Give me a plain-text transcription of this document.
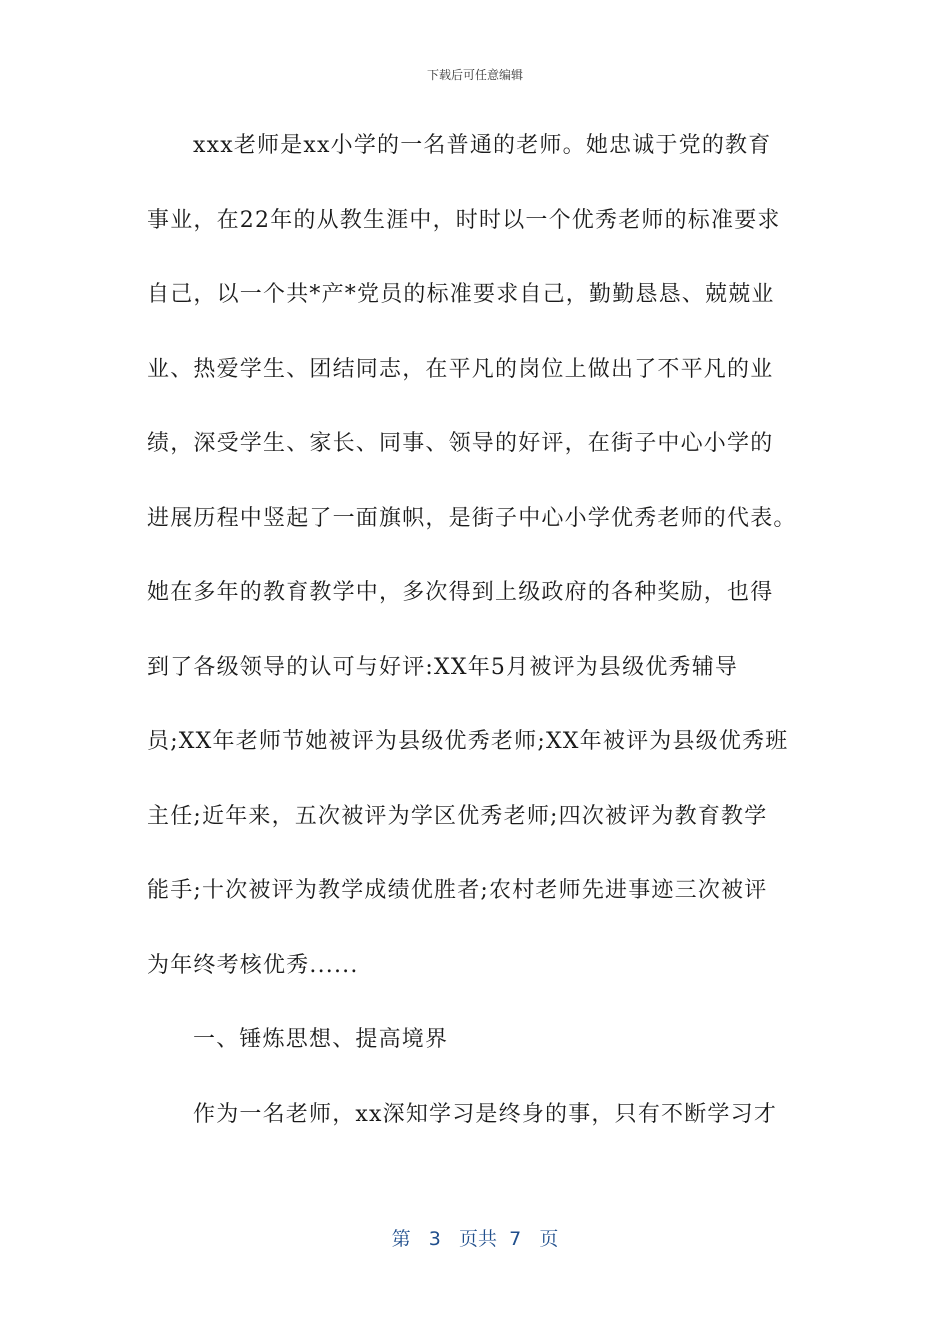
下载后可任意编辑
xxx老师是xx小学的一名普通的老师。她忠诚于党的教育
事业，在22年的从教生涯中，时时以一个优秀老师的标准要求
自己，以一个共*产*党员的标准要求自己，勤勤恳恳、兢兢业
业、热爱学生、团结同志，在平凡的岗位上做出了不平凡的业
绩，深受学生、家长、同事、领导的好评，在街子中心小学的
进展历程中竖起了一面旗帜，是街子中心小学优秀老师的代表。
她在多年的教育教学中，多次得到上级政府的各种奖励，也得
到了各级领导的认可与好评:XX年5月被评为县级优秀辅导
员;XX年老师节她被评为县级优秀老师;XX年被评为县级优秀班
主任;近年来，五次被评为学区优秀老师;四次被评为教育教学
能手;十次被评为教学成绩优胜者;农村老师先进事迹三次被评
为年终考核优秀......
一、锤炼思想、提高境界
作为一名老师，xx深知学习是终身的事，只有不断学习才
第 3 页共 7 页
